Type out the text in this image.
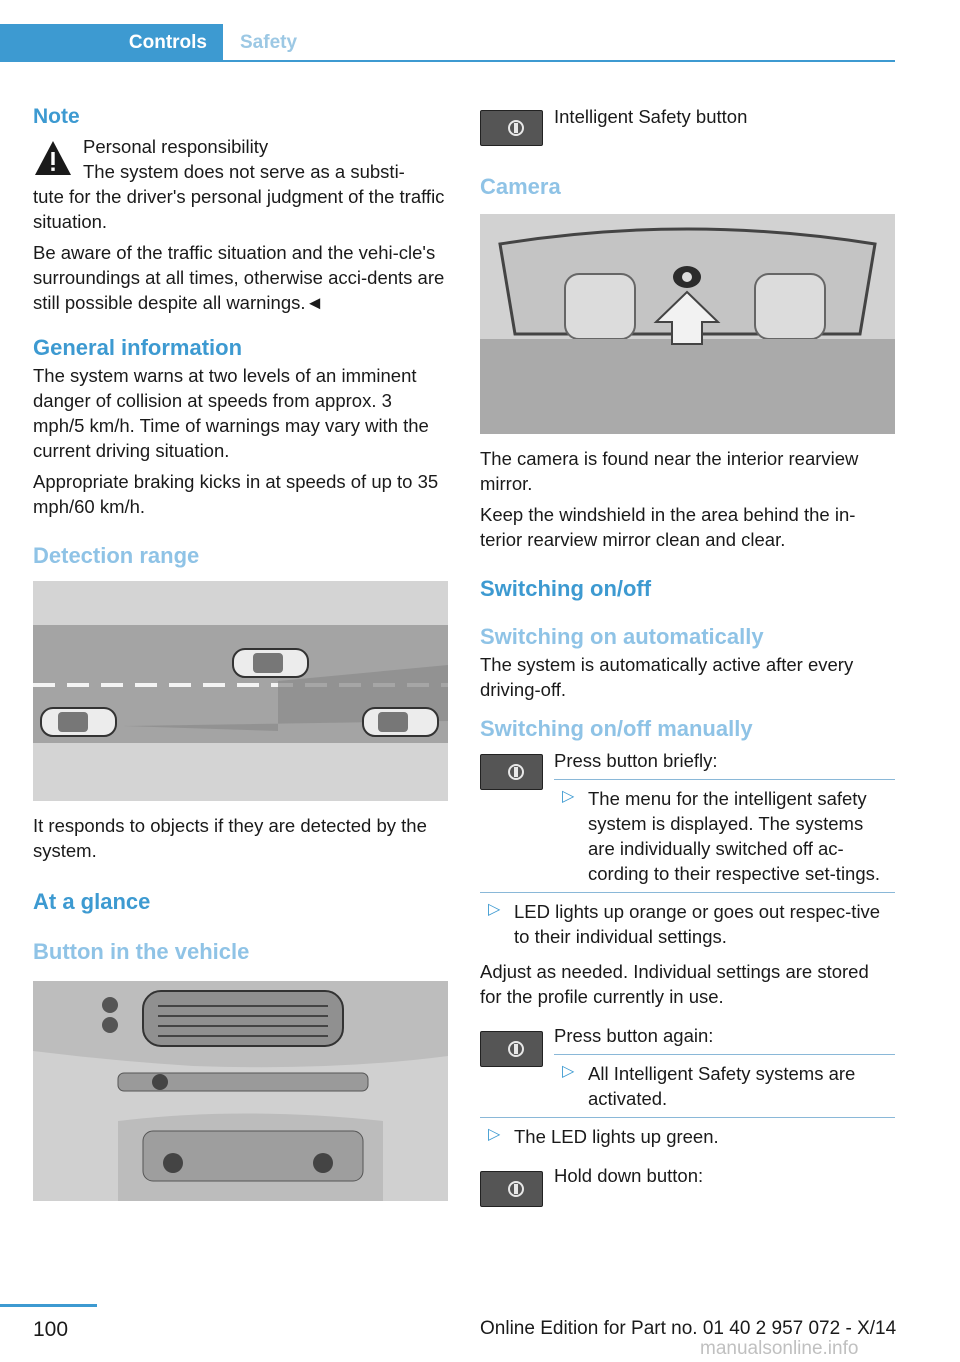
Controls Safety
Note

Personal responsibility

The system does not serve as a substi-

tute for the driver's personal judgment of the traffic situation.

Be aware of the traffic situation and the vehi-cle's surroundings at all times, otherwise acci-dents are still possible despite all warnings.◄

General information

The system warns at two levels of an imminent danger of collision at speeds from approx. 3 mph/5 km/h. Time of warnings may vary with the current driving situation.

Appropriate braking kicks in at speeds of up to 35 mph/60 km/h.

Detection range

It responds to objects if they are detected by the system.

At a glance
Button in the vehicle

Intelligent Safety button

Camera

The camera is found near the interior rearview mirror.

Keep the windshield in the area behind the in-terior rearview mirror clean and clear.

Switching on/off
Switching on automatically

The system is automatically active after every driving-off.

Switching on/off manually

Press button briefly:

▷ The menu for the intelligent safety system is displayed. The systems are individually switched off ac-cording to their respective set-tings.

▷ LED lights up orange or goes out respec-tive to their individual settings.

Adjust as needed. Individual settings are stored for the profile currently in use.

Press button again:

▷ All Intelligent Safety systems are activated.

▷ The LED lights up green.

Hold down button:

100	Online Edition for Part no. 01 40 2 957 072 - X/14
manualsonline.info
